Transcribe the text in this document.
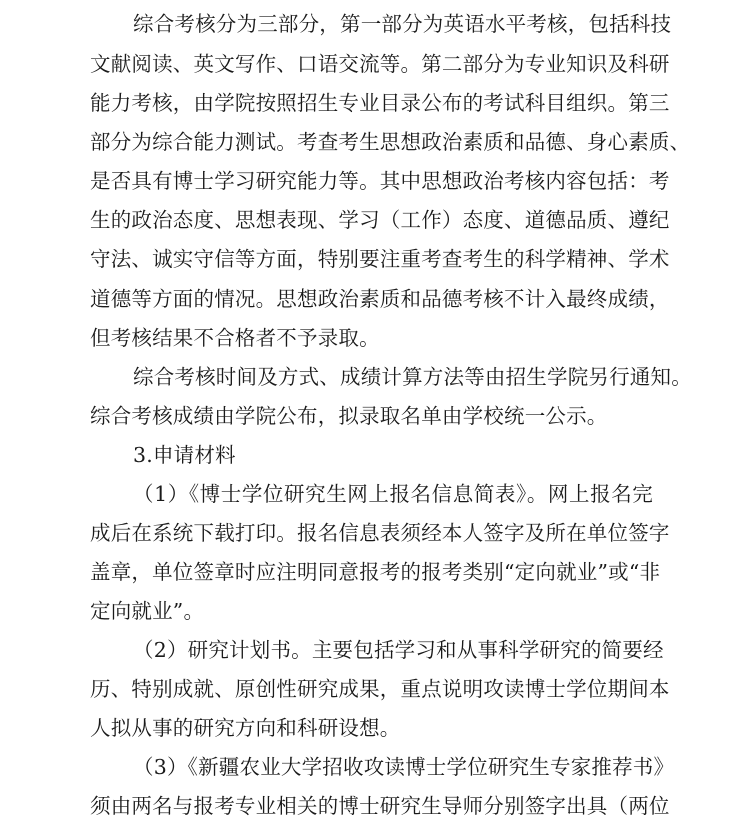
综合考核分为三部分，第一部分为英语水平考核，包括科技
文献阅读、英文写作、口语交流等。第二部分为专业知识及科研
能力考核，由学院按照招生专业目录公布的考试科目组织。第三
部分为综合能力测试。考查考生思想政治素质和品德、身心素质、
是否具有博士学习研究能力等。其中思想政治考核内容包括：考
生的政治态度、思想表现、学习（工作）态度、道德品质、遵纪
守法、诚实守信等方面，特别要注重考查考生的科学精神、学术
道德等方面的情况。思想政治素质和品德考核不计入最终成绩，
但考核结果不合格者不予录取。
综合考核时间及方式、成绩计算方法等由招生学院另行通知。
综合考核成绩由学院公布，拟录取名单由学校统一公示。
3.申请材料
（1）《博士学位研究生网上报名信息简表》。网上报名完
成后在系统下载打印。报名信息表须经本人签字及所在单位签字
盖章，单位签章时应注明同意报考的报考类别“定向就业”或“非
定向就业”。
（2）研究计划书。主要包括学习和从事科学研究的简要经
历、特别成就、原创性研究成果，重点说明攻读博士学位期间本
人拟从事的研究方向和科研设想。
（3）《新疆农业大学招收攻读博士学位研究生专家推荐书》
须由两名与报考专业相关的博士研究生导师分别签字出具（两位
